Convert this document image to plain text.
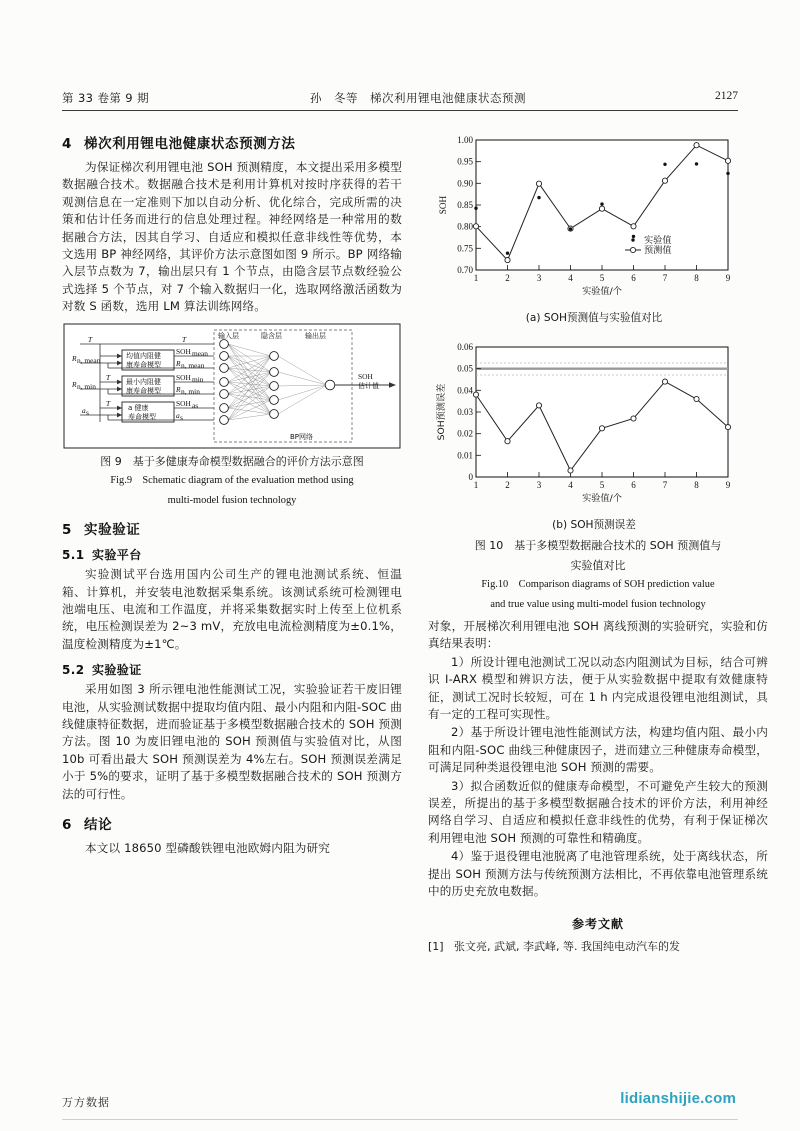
第 33 卷第 9 期	孙　冬等　梯次利用锂电池健康状态预测	2127
4 梯次利用锂电池健康状态预测方法

为保证梯次利用锂电池 SOH 预测精度，本文提出采用多模型数据融合技术。数据融合技术是利用计算机对按时序获得的若干观测信息在一定准则下加以自动分析、优化综合，完成所需的决策和估计任务而进行的信息处理过程。神经网络是一种常用的数据融合方法，因其自学习、自适应和模拟任意非线性等优势，本文选用 BP 神经网络，其评价方法示意图如图 9 所示。BP 网络输入层节点数为 7，输出层只有 1 个节点，由隐含层节点数经验公式选择 5 个节点，对 7 个输入数据归一化，选取网络激活函数为对数 S 函数，选用 LM 算法训练网络。

输入层	隐含层	输出层
BP网络
均值内阻健
康寿命模型
最小内阻健
康寿命模型
a 健康
寿命模型
T	T
R n, mean
T
R n, min
T
a s
SOH mean
R n, mean
SOH min
R n, min
SOH as
a s
SOH
估计值
图 9　基于多健康寿命模型数据融合的评价方法示意图
Fig.9　Schematic diagram of the evaluation method using
multi-model fusion technology
5 实验验证
5.1 实验平台

实验测试平台选用国内公司生产的锂电池测试系统、恒温箱、计算机，并安装电池数据采集系统。该测试系统可检测锂电池端电压、电流和工作温度，并将采集数据实时上传至上位机系统，电压检测误差为 2~3 mV，充放电电流检测精度为±0.1%，温度检测精度为±1℃。

5.2 实验验证

采用如图 3 所示锂电池性能测试工况，实验验证若干废旧锂电池，从实验测试数据中提取均值内阻、最小内阻和内阻-SOC 曲线健康特征数据，进而验证基于多模型数据融合技术的 SOH 预测方法。图 10 为废旧锂电池的 SOH 预测值与实验值对比，从图 10b 可看出最大 SOH 预测误差为 4%左右。SOH 预测误差满足小于 5%的要求，证明了基于多模型数据融合技术的 SOH 预测方法的可行性。

6 结论

本文以 18650 型磷酸铁锂电池欧姆内阻为研究

0.70
0.75
0.80
0.85
0.90
0.95
1.00
1	2	3	4	5	6	7	8	9
实验值/个
SOH
实验值
预测值
(a) SOH预测值与实验值对比
0
0.01
0.02
0.03
0.04
0.05
0.06
1	2	3	4	5	6	7	8	9
实验值/个
SOH预测误差
(b) SOH预测误差
图 10　基于多模型数据融合技术的 SOH 预测值与
实验值对比
Fig.10　Comparison diagrams of SOH prediction value
and true value using multi-model fusion technology

对象，开展梯次利用锂电池 SOH 离线预测的实验研究，实验和仿真结果表明：

1）所设计锂电池测试工况以动态内阻测试为目标，结合可辨识 I-ARX 模型和辨识方法，便于从实验数据中提取有效健康特征，测试工况时长较短，可在 1 h 内完成退役锂电池组测试，具有一定的工程可实现性。

2）基于所设计锂电池性能测试方法，构建均值内阻、最小内阻和内阻-SOC 曲线三种健康因子，进而建立三种健康寿命模型，可满足同种类退役锂电池 SOH 预测的需要。

3）拟合函数近似的健康寿命模型，不可避免产生较大的预测误差，所提出的基于多模型数据融合技术的评价方法，利用神经网络自学习、自适应和模拟任意非线性的优势，有利于保证梯次利用锂电池 SOH 预测的可靠性和精确度。

4）鉴于退役锂电池脱离了电池管理系统，处于离线状态，所提出 SOH 预测方法与传统预测方法相比，不再依靠电池管理系统中的历史充放电数据。

参考文献

[1] 张文亮, 武斌, 李武峰, 等. 我国纯电动汽车的发

万方数据	lidianshijie.com
